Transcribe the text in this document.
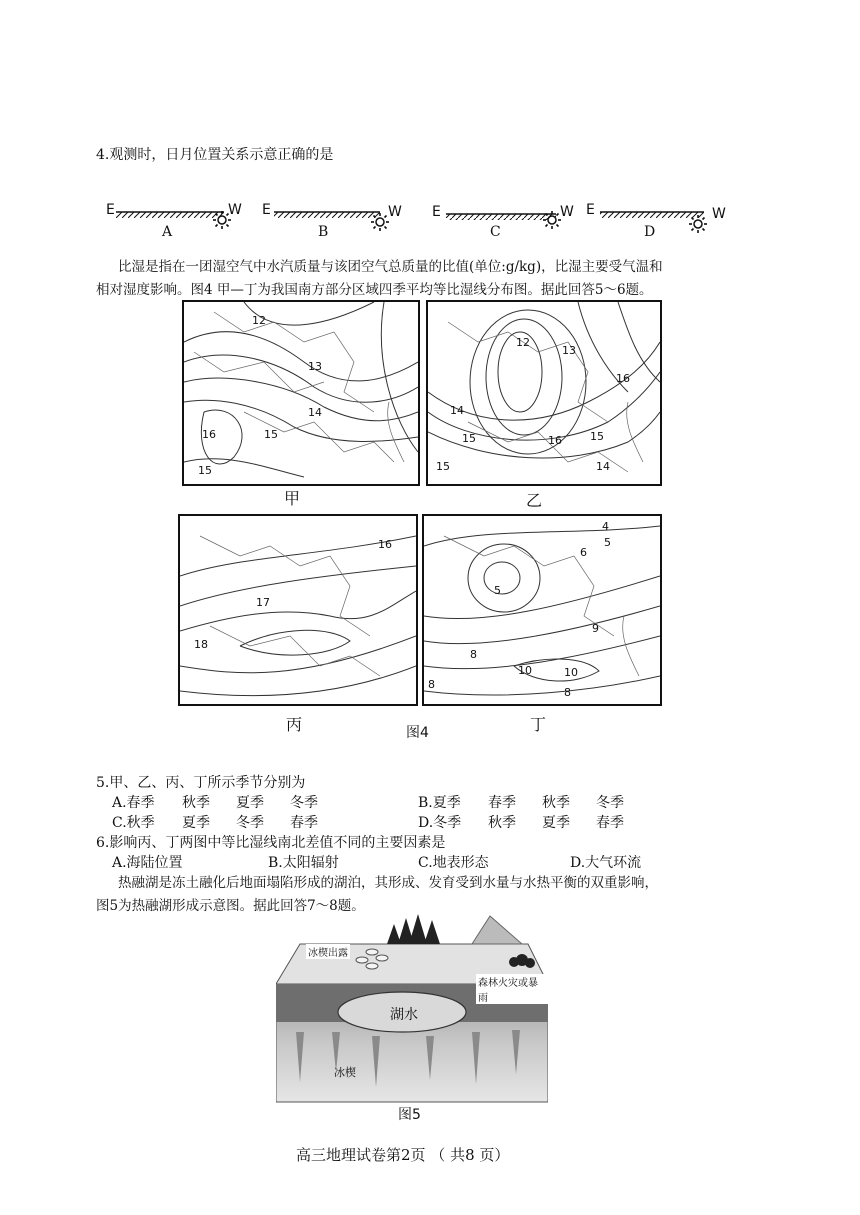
4.观测时，日月位置关系示意正确的是
E	W
A
E	W
B
E	W
C
E	W
D
比湿是指在一团湿空气中水汽质量与该团空气总质量的比值(单位:g/kg)，比湿主要受气温和
相对湿度影响。图4 甲—丁为我国南方部分区域四季平均等比湿线分布图。据此回答5～6题。
12
13
14
15
16
15
甲
12
13
14
15	16
15	14
15
16
乙
16
17
18
丙
4
5
6
5
9
8
10	10
8
8
丁
图4
5.甲、乙、丙、丁所示季节分别为
A.春季 秋季 夏季 冬季	B.夏季 春季 秋季 冬季
C.秋季 夏季 冬季 春季	D.冬季 秋季 夏季 春季
6.影响丙、丁两图中等比湿线南北差值不同的主要因素是
A.海陆位置	B.太阳辐射	C.地表形态	D.大气环流
热融湖是冻土融化后地面塌陷形成的湖泊，其形成、发育受到水量与水热平衡的双重影响，
图5为热融湖形成示意图。据此回答7～8题。
冰楔出露
森林火灾或暴雨
湖水
冰楔
图5
高三地理试卷第2页 （ 共8 页）
